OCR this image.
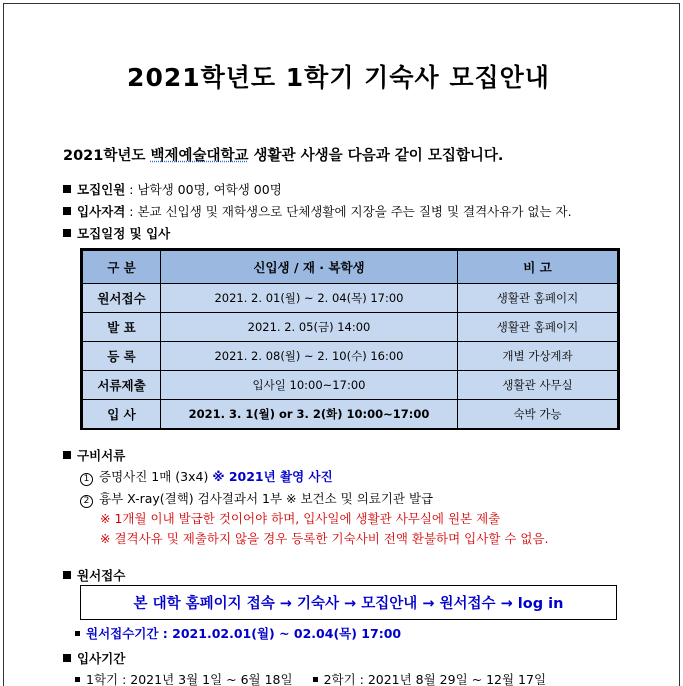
2021학년도 1학기 기숙사 모집안내
2021학년도 백제예술대학교 생활관 사생을 다음과 같이 모집합니다.
모집인원 : 남학생 00명, 여학생 00명
입사자격 : 본교 신입생 및 재학생으로 단체생활에 지장을 주는 질병 및 결격사유가 없는 자.
모집일정 및 입사
구 분	신입생 / 재 · 복학생	비 고
원서접수	2021. 2. 01(월) ~ 2. 04(목) 17:00	생활관 홈페이지
발 표	2021. 2. 05(금) 14:00	생활관 홈페이지
등 록	2021. 2. 08(월) ~ 2. 10(수) 16:00	개별 가상계좌
서류제출	입사일 10:00~17:00	생활관 사무실
입 사	2021. 3. 1(월) or 3. 2(화) 10:00~17:00	숙박 가능
구비서류
1 증명사진 1매 (3x4) ※ 2021년 촬영 사진
2 흉부 X-ray(결핵) 검사결과서 1부 ※ 보건소 및 의료기관 발급
※ 1개월 이내 발급한 것이어야 하며, 입사일에 생활관 사무실에 원본 제출
※ 결격사유 및 제출하지 않을 경우 등록한 기숙사비 전액 환불하며 입사할 수 없음.
원서접수
본 대학 홈페이지 접속 → 기숙사 → 모집안내 → 원서접수 → log in
원서접수기간 : 2021.02.01(월) ~ 02.04(목) 17:00
입사기간
1학기 : 2021년 3월 1일 ~ 6월 18일 2학기 : 2021년 8월 29일 ~ 12월 17일
